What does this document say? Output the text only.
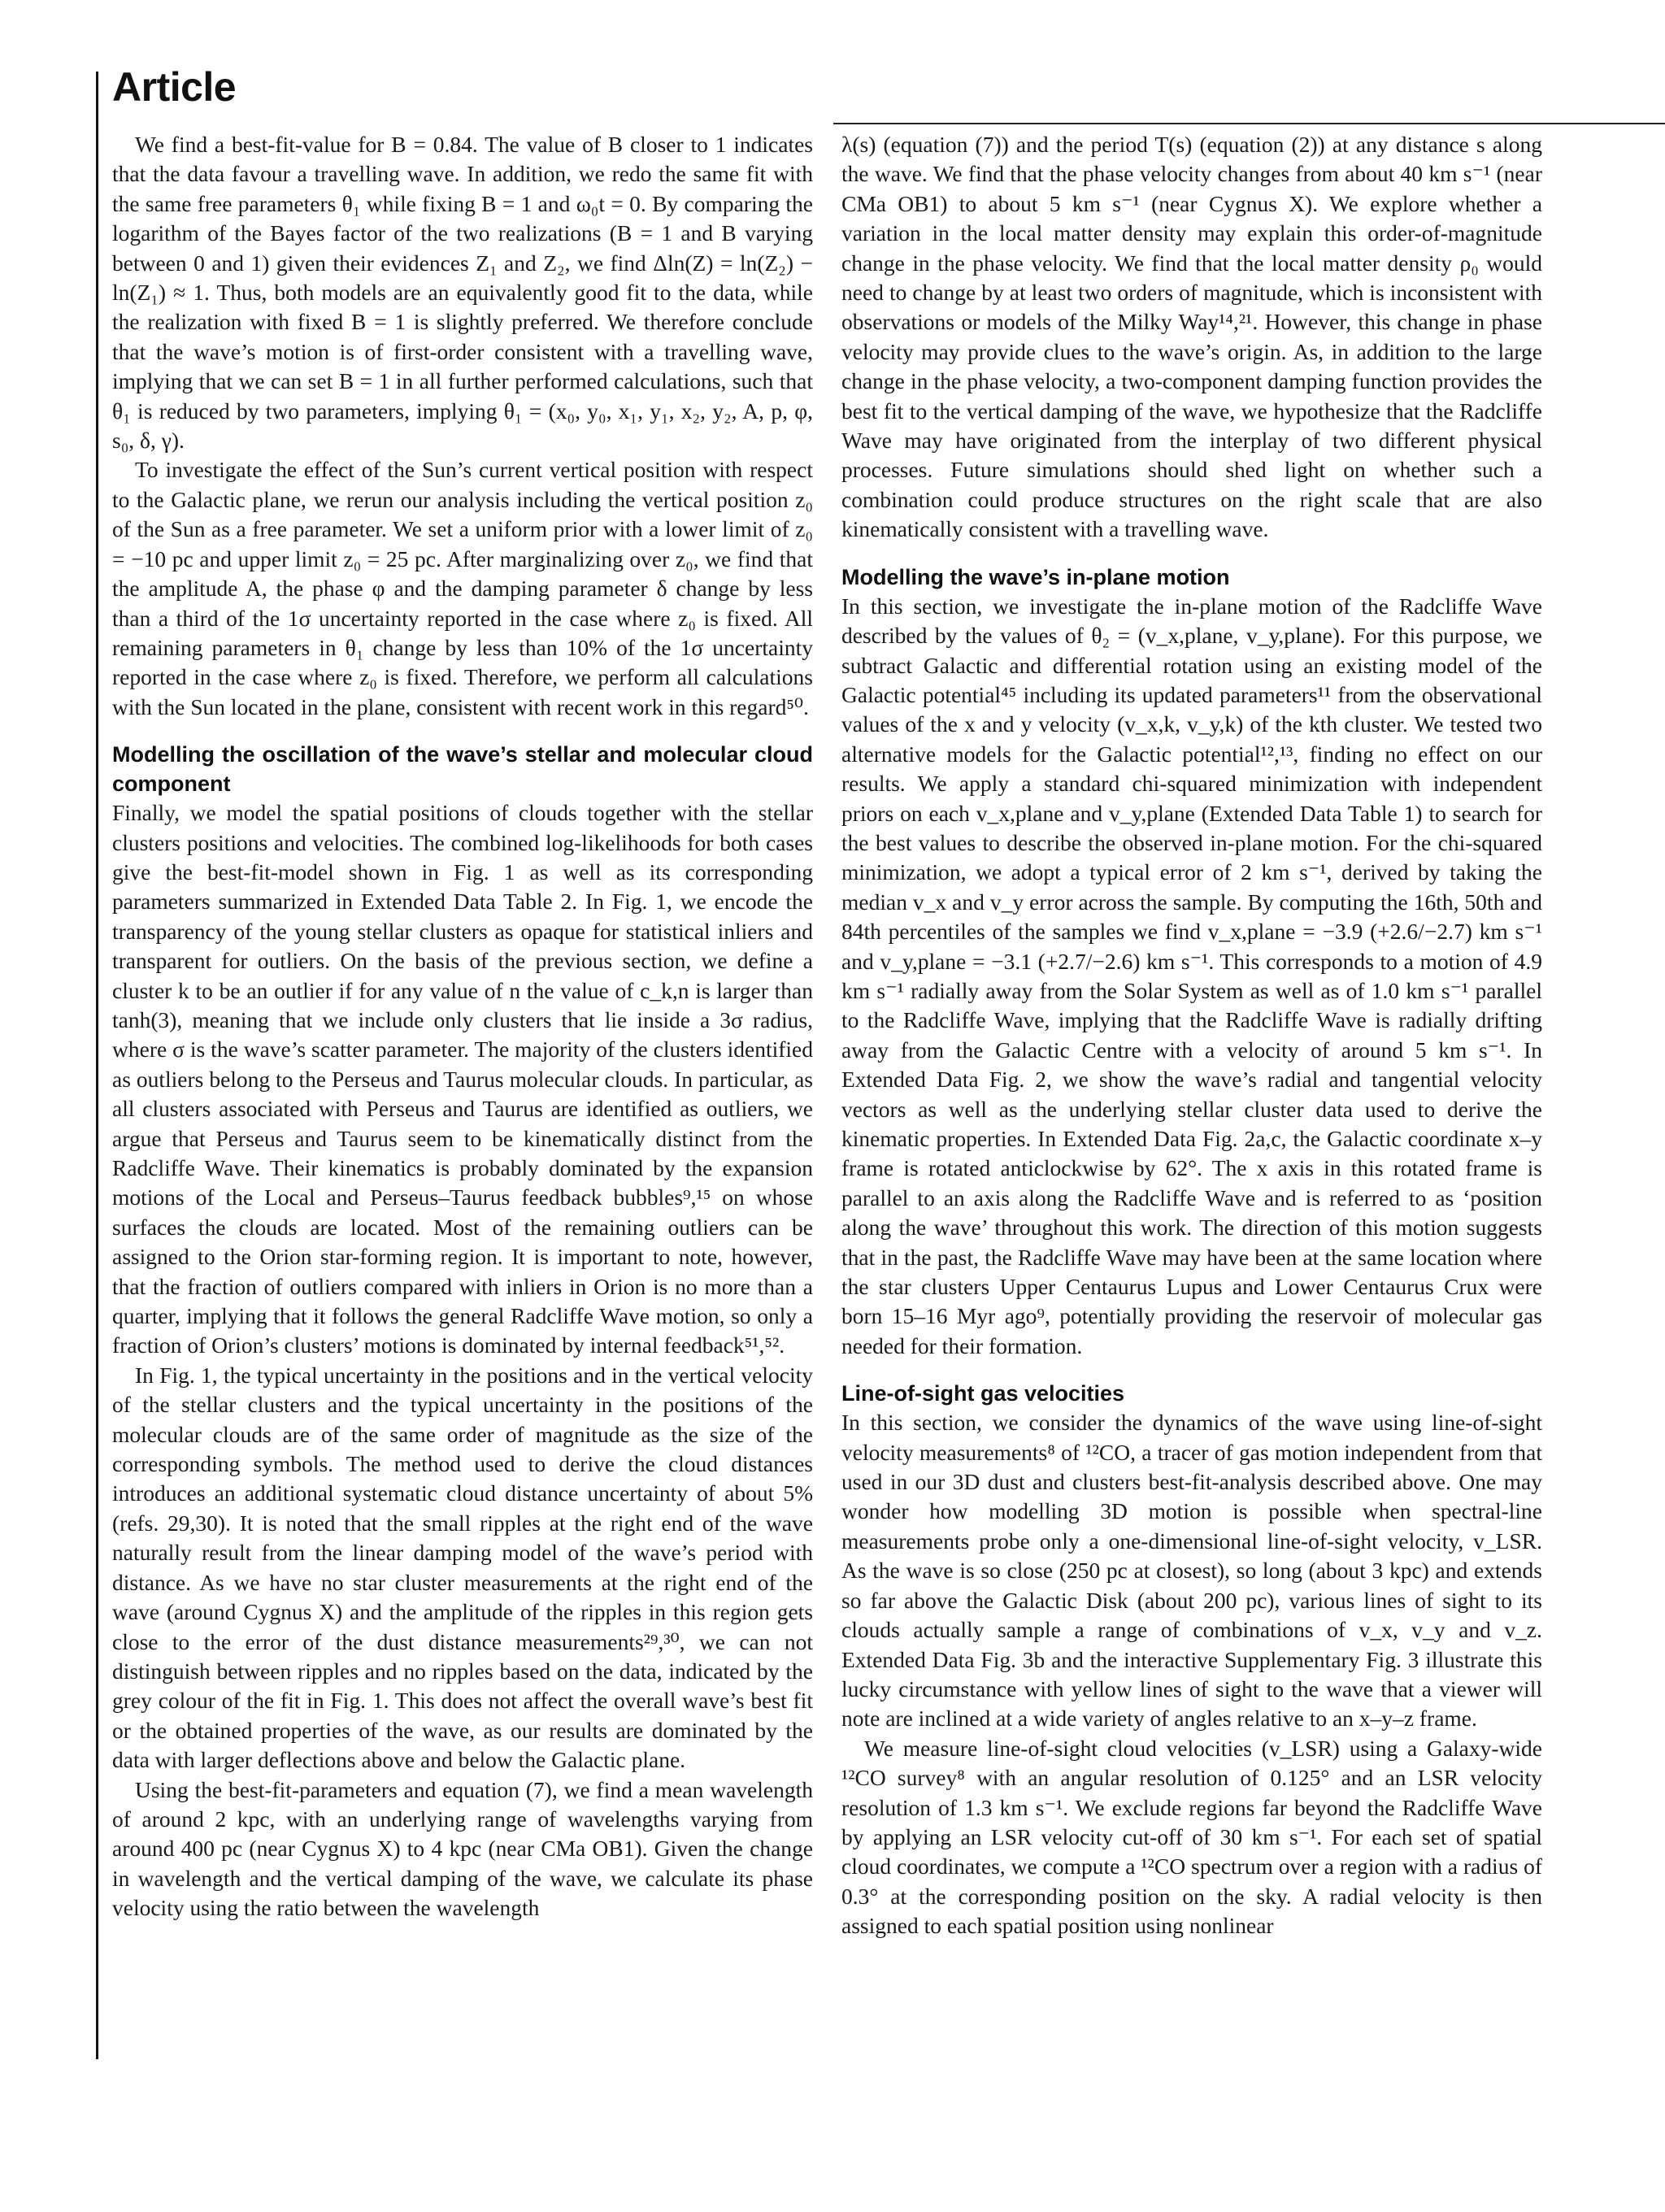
Article

We find a best-fit-value for B = 0.84. The value of B closer to 1 indicates that the data favour a travelling wave. In addition, we redo the same fit with the same free parameters θ₁ while fixing B = 1 and ω₀t = 0. By comparing the logarithm of the Bayes factor of the two realizations (B = 1 and B varying between 0 and 1) given their evidences Z₁ and Z₂, we find Δln(Z) = ln(Z₂) − ln(Z₁) ≈ 1. Thus, both models are an equivalently good fit to the data, while the realization with fixed B = 1 is slightly preferred. We therefore conclude that the wave’s motion is of first-order consistent with a travelling wave, implying that we can set B = 1 in all further performed calculations, such that θ₁ is reduced by two parameters, implying θ₁ = (x₀, y₀, x₁, y₁, x₂, y₂, A, p, φ, s₀, δ, γ).

To investigate the effect of the Sun’s current vertical position with respect to the Galactic plane, we rerun our analysis including the vertical position z₀ of the Sun as a free parameter. We set a uniform prior with a lower limit of z₀ = −10 pc and upper limit z₀ = 25 pc. After marginalizing over z₀, we find that the amplitude A, the phase φ and the damping parameter δ change by less than a third of the 1σ uncertainty reported in the case where z₀ is fixed. All remaining parameters in θ₁ change by less than 10% of the 1σ uncertainty reported in the case where z₀ is fixed. Therefore, we perform all calculations with the Sun located in the plane, consistent with recent work in this regard⁵⁰.

Modelling the oscillation of the wave’s stellar and molecular cloud component

Finally, we model the spatial positions of clouds together with the stellar clusters positions and velocities. The combined log-likelihoods for both cases give the best-fit-model shown in Fig. 1 as well as its corresponding parameters summarized in Extended Data Table 2. In Fig. 1, we encode the transparency of the young stellar clusters as opaque for statistical inliers and transparent for outliers. On the basis of the previous section, we define a cluster k to be an outlier if for any value of n the value of c_k,n is larger than tanh(3), meaning that we include only clusters that lie inside a 3σ radius, where σ is the wave’s scatter parameter. The majority of the clusters identified as outliers belong to the Perseus and Taurus molecular clouds. In particular, as all clusters associated with Perseus and Taurus are identified as outliers, we argue that Perseus and Taurus seem to be kinematically distinct from the Radcliffe Wave. Their kinematics is probably dominated by the expansion motions of the Local and Perseus–Taurus feedback bubbles⁹,¹⁵ on whose surfaces the clouds are located. Most of the remaining outliers can be assigned to the Orion star-forming region. It is important to note, however, that the fraction of outliers compared with inliers in Orion is no more than a quarter, implying that it follows the general Radcliffe Wave motion, so only a fraction of Orion’s clusters’ motions is dominated by internal feedback⁵¹,⁵².

In Fig. 1, the typical uncertainty in the positions and in the vertical velocity of the stellar clusters and the typical uncertainty in the positions of the molecular clouds are of the same order of magnitude as the size of the corresponding symbols. The method used to derive the cloud distances introduces an additional systematic cloud distance uncertainty of about 5% (refs. 29,30). It is noted that the small ripples at the right end of the wave naturally result from the linear damping model of the wave’s period with distance. As we have no star cluster measurements at the right end of the wave (around Cygnus X) and the amplitude of the ripples in this region gets close to the error of the dust distance measurements²⁹,³⁰, we can not distinguish between ripples and no ripples based on the data, indicated by the grey colour of the fit in Fig. 1. This does not affect the overall wave’s best fit or the obtained properties of the wave, as our results are dominated by the data with larger deflections above and below the Galactic plane.

Using the best-fit-parameters and equation (7), we find a mean wavelength of around 2 kpc, with an underlying range of wavelengths varying from around 400 pc (near Cygnus X) to 4 kpc (near CMa OB1). Given the change in wavelength and the vertical damping of the wave, we calculate its phase velocity using the ratio between the wavelength

λ(s) (equation (7)) and the period T(s) (equation (2)) at any distance s along the wave. We find that the phase velocity changes from about 40 km s⁻¹ (near CMa OB1) to about 5 km s⁻¹ (near Cygnus X). We explore whether a variation in the local matter density may explain this order-of-magnitude change in the phase velocity. We find that the local matter density ρ₀ would need to change by at least two orders of magnitude, which is inconsistent with observations or models of the Milky Way¹⁴,²¹. However, this change in phase velocity may provide clues to the wave’s origin. As, in addition to the large change in the phase velocity, a two-component damping function provides the best fit to the vertical damping of the wave, we hypothesize that the Radcliffe Wave may have originated from the interplay of two different physical processes. Future simulations should shed light on whether such a combination could produce structures on the right scale that are also kinematically consistent with a travelling wave.

Modelling the wave’s in-plane motion

In this section, we investigate the in-plane motion of the Radcliffe Wave described by the values of θ₂ = (v_x,plane, v_y,plane). For this purpose, we subtract Galactic and differential rotation using an existing model of the Galactic potential⁴⁵ including its updated parameters¹¹ from the observational values of the x and y velocity (v_x,k, v_y,k) of the kth cluster. We tested two alternative models for the Galactic potential¹²,¹³, finding no effect on our results. We apply a standard chi-squared minimization with independent priors on each v_x,plane and v_y,plane (Extended Data Table 1) to search for the best values to describe the observed in-plane motion. For the chi-squared minimization, we adopt a typical error of 2 km s⁻¹, derived by taking the median v_x and v_y error across the sample. By computing the 16th, 50th and 84th percentiles of the samples we find v_x,plane = −3.9 (+2.6/−2.7) km s⁻¹ and v_y,plane = −3.1 (+2.7/−2.6) km s⁻¹. This corresponds to a motion of 4.9 km s⁻¹ radially away from the Solar System as well as of 1.0 km s⁻¹ parallel to the Radcliffe Wave, implying that the Radcliffe Wave is radially drifting away from the Galactic Centre with a velocity of around 5 km s⁻¹. In Extended Data Fig. 2, we show the wave’s radial and tangential velocity vectors as well as the underlying stellar cluster data used to derive the kinematic properties. In Extended Data Fig. 2a,c, the Galactic coordinate x–y frame is rotated anticlockwise by 62°. The x axis in this rotated frame is parallel to an axis along the Radcliffe Wave and is referred to as ‘position along the wave’ throughout this work. The direction of this motion suggests that in the past, the Radcliffe Wave may have been at the same location where the star clusters Upper Centaurus Lupus and Lower Centaurus Crux were born 15–16 Myr ago⁹, potentially providing the reservoir of molecular gas needed for their formation.

Line-of-sight gas velocities

In this section, we consider the dynamics of the wave using line-of-sight velocity measurements⁸ of ¹²CO, a tracer of gas motion independent from that used in our 3D dust and clusters best-fit-analysis described above. One may wonder how modelling 3D motion is possible when spectral-line measurements probe only a one-dimensional line-of-sight velocity, v_LSR. As the wave is so close (250 pc at closest), so long (about 3 kpc) and extends so far above the Galactic Disk (about 200 pc), various lines of sight to its clouds actually sample a range of combinations of v_x, v_y and v_z. Extended Data Fig. 3b and the interactive Supplementary Fig. 3 illustrate this lucky circumstance with yellow lines of sight to the wave that a viewer will note are inclined at a wide variety of angles relative to an x–y–z frame.

We measure line-of-sight cloud velocities (v_LSR) using a Galaxy-wide ¹²CO survey⁸ with an angular resolution of 0.125° and an LSR velocity resolution of 1.3 km s⁻¹. We exclude regions far beyond the Radcliffe Wave by applying an LSR velocity cut-off of 30 km s⁻¹. For each set of spatial cloud coordinates, we compute a ¹²CO spectrum over a region with a radius of 0.3° at the corresponding position on the sky. A radial velocity is then assigned to each spatial position using nonlinear
